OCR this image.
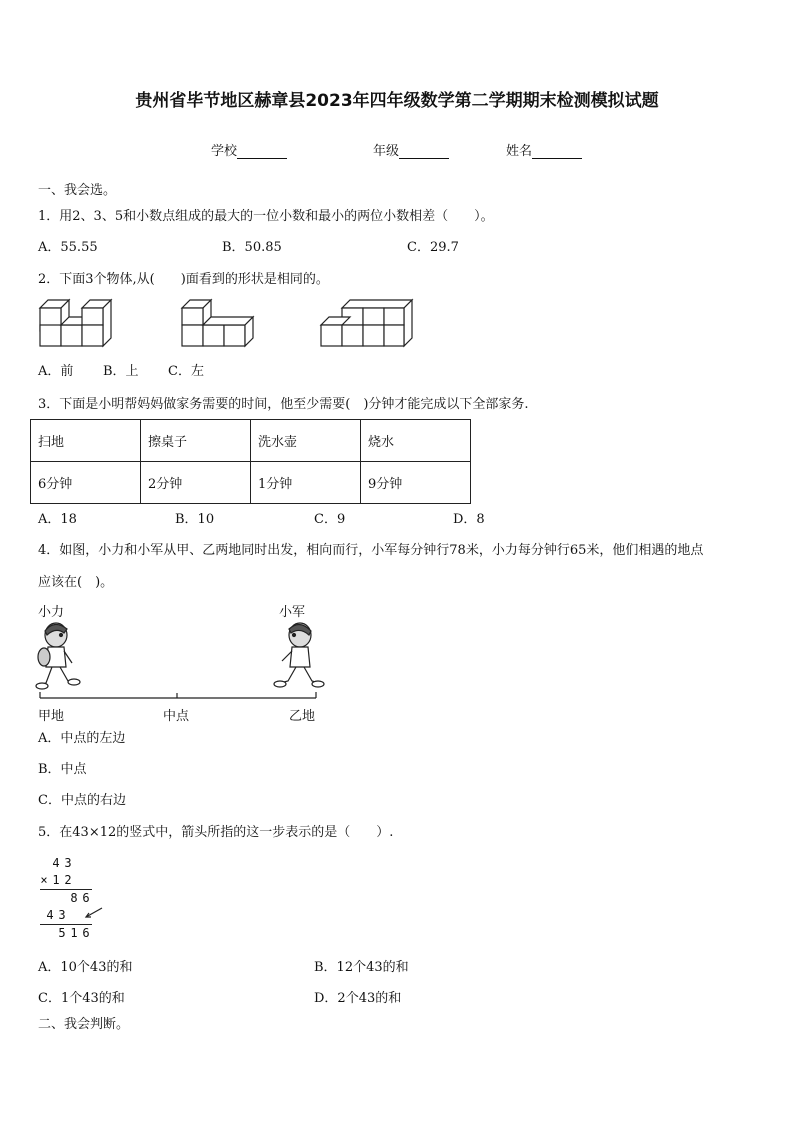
贵州省毕节地区赫章县2023年四年级数学第二学期期末检测模拟试题
学校	年级	姓名
一、我会选。
1．用2、3、5和小数点组成的最大的一位小数和最小的两位小数相差（　　）。
A．55.55	B．50.85	C．29.7
2．下面3个物体,从(　　)面看到的形状是相同的。
A．前 B．上 C．左
3．下面是小明帮妈妈做家务需要的时间，他至少需要(　)分钟才能完成以下全部家务.
扫地	擦桌子	洗水壶	烧水
6分钟	2分钟	1分钟	9分钟
A．18	B．10	C．9	D．8
4．如图，小力和小军从甲、乙两地同时出发，相向而行，小军每分钟行78米，小力每分钟行65米，他们相遇的地点
应该在(　)。
小力	小军
甲地	中点	乙地
A．中点的左边
B．中点
C．中点的右边
5．在43×12的竖式中，箭头所指的这一步表示的是（　　）.
4 3
× 1 2
8 6
4 3
5 1 6
A．10个43的和	B．12个43的和
C．1个43的和	D．2个43的和
二、我会判断。
